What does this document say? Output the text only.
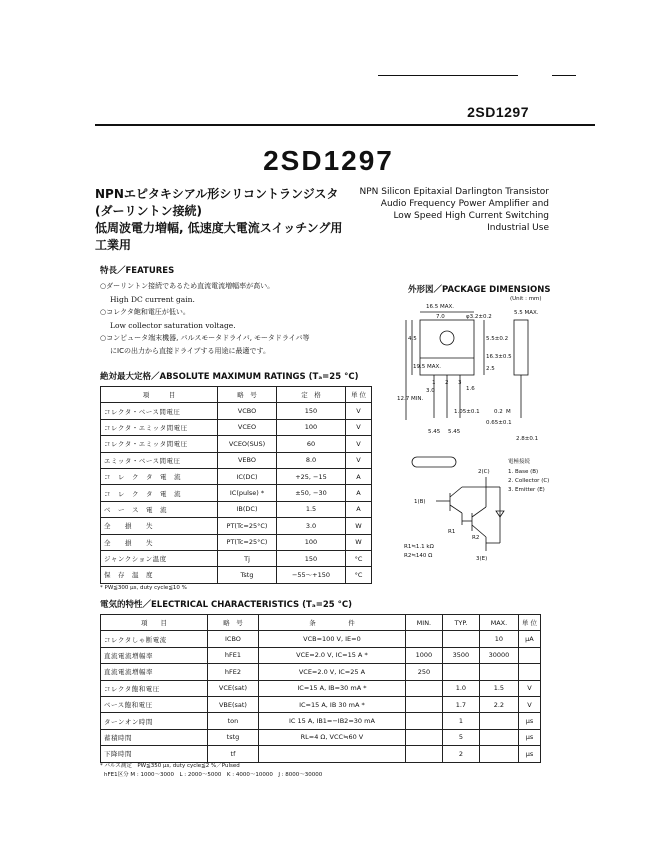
2SD1297
2SD1297
NPNエピタキシアル形シリコントランジスタ
(ダーリントン接続)
低周波電力増幅, 低速度大電流スイッチング用
工業用
NPN Silicon Epitaxial Darlington Transistor
Audio Frequency Power Amplifier and
Low Speed High Current Switching
Industrial Use
特長／FEATURES
○ダーリントン接続であるため直流電流増幅率が高い。
High DC current gain.
○コレクタ飽和電圧が低い。
Low collector saturation voltage.
○コンピュータ端末機器, パルスモータドライバ, モータドライバ等
にICの出力から直接ドライブする用途に最適です。
絶対最大定格／ABSOLUTE MAXIMUM RATINGS (Tₐ=25 °C)
項　　　目	略　号	定　格	単 位
コレクタ・ベース間電圧	VCBO	150	V
コレクタ・エミッタ間電圧	VCEO	100	V
コレクタ・エミッタ間電圧	VCEO(SUS)	60	V
エミッタ・ベース間電圧	VEBO	8.0	V
コ　レ　ク　タ　電　流	IC(DC)	+25, −15	A
コ　レ　ク　タ　電　流	IC(pulse) *	±50, −30	A
ベ　ー　ス　電　流	IB(DC)	1.5	A
全　　損　　失	PT(Tc=25°C)	3.0	W
全　　損　　失	PT(Tc=25°C)	100	W
ジャンクション温度	Tj	150	°C
保　存　温　度	Tstg	−55～+150	°C
* PW≦300 μs, duty cycle≦10 %
電気的特性／ELECTRICAL CHARACTERISTICS (Tₐ=25 °C)
項　　目	略　号	条　　　　　件	MIN.	TYP.	MAX.	単 位
コレクタしゃ断電流	ICBO	VCB=100 V, IE=0			10	μA
直流電流増幅率	hFE1	VCE=2.0 V, IC=15 A *	1000	3500	30000	
直流電流増幅率	hFE2	VCE=2.0 V, IC=25 A	250			
コレクタ飽和電圧	VCE(sat)	IC=15 A, IB=30 mA *		1.0	1.5	V
ベース飽和電圧	VBE(sat)	IC=15 A, IB 30 mA *		1.7	2.2	V
ターンオン時間	ton	IC 15 A, IB1=−IB2=30 mA		1		μs
蓄積時間	tstg	RL=4 Ω, VCC≒60 V		5		μs
下降時間	tf			2		μs
* パルス測定　PW≦350 μs, duty cycle≦2 %／Pulsed
hFE1区分 M : 1000～3000　L : 2000～5000　K : 4000～10000　J : 8000～30000
外形図／PACKAGE DIMENSIONS
(Unit : mm)
16.5 MAX.
7.0	φ3.2±0.2
5.5 MAX.
5.5±0.2
19.5 MAX.
4.5
16.3±0.5
12.7 MIN.
1.6
2.5
3.0
1.05±0.1	0.2 M
0.65±0.1
5.45 5.45
2.8±0.1
1 2 3
2(C)
1(B)
3(E)
R1
R2
電極接続
1. Base (B)
2. Collector (C)
3. Emitter (E)
R1≒1.1 kΩ
R2≒140 Ω
